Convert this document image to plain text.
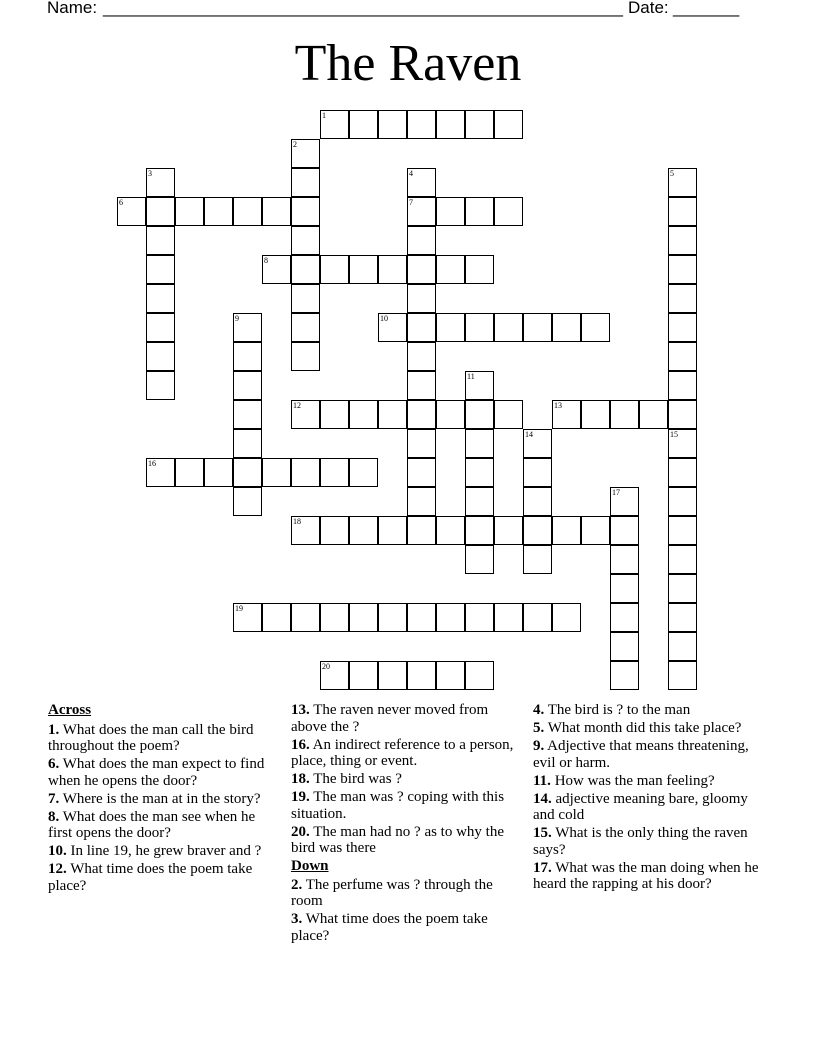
Name: _______________________________________________________ Date: _______
The Raven
1
2
3	4
7
5
6
8
9	10
11
12	13
14	15
16
17
18
19
20
Across
1. What does the man call the bird throughout the poem?
6. What does the man expect to find when he opens the door?
7. Where is the man at in the story?
8. What does the man see when he first opens the door?
10. In line 19, he grew braver and ?
12. What time does the poem take place?
13. The raven never moved from above the ?
16. An indirect reference to a person, place, thing or event.
18. The bird was ?
19. The man was ? coping with this situation.
20. The man had no ? as to why the bird was there
Down
2. The perfume was ? through the room
3. What time does the poem take place?
4. The bird is ? to the man
5. What month did this take place?
9. Adjective that means threatening, evil or harm.
11. How was the man feeling?
14. adjective meaning bare, gloomy and cold
15. What is the only thing the raven says?
17. What was the man doing when he heard the rapping at his door?
